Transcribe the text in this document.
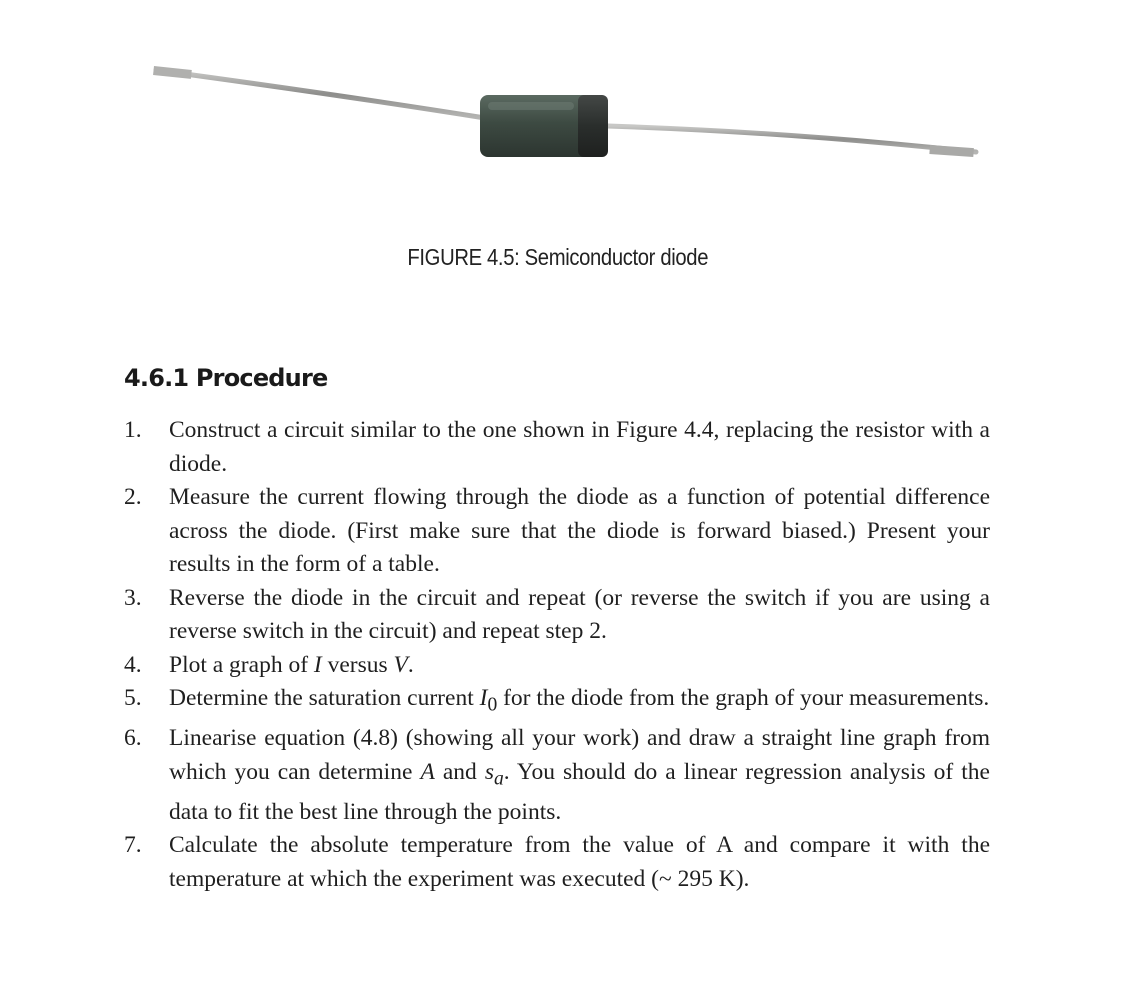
FIGURE 4.5: Semiconductor diode
4.6.1 Procedure
1.	Construct a circuit similar to the one shown in Figure 4.4, replacing the resistor with a diode.
2.	Measure the current flowing through the diode as a function of potential difference across the diode. (First make sure that the diode is forward biased.) Present your results in the form of a table.
3.	Reverse the diode in the circuit and repeat (or reverse the switch if you are using a reverse switch in the circuit) and repeat step 2.
4.	Plot a graph of I versus V.
5.	Determine the saturation current $I_0$ for the diode from the graph of your measurements.
6.	Linearise equation (4.8) (showing all your work) and draw a straight line graph from which you can determine A and $s_a$. You should do a linear regression analysis of the data to fit the best line through the points.
7.	Calculate the absolute temperature from the value of A and compare it with the temperature at which the experiment was executed (~ 295 K).
